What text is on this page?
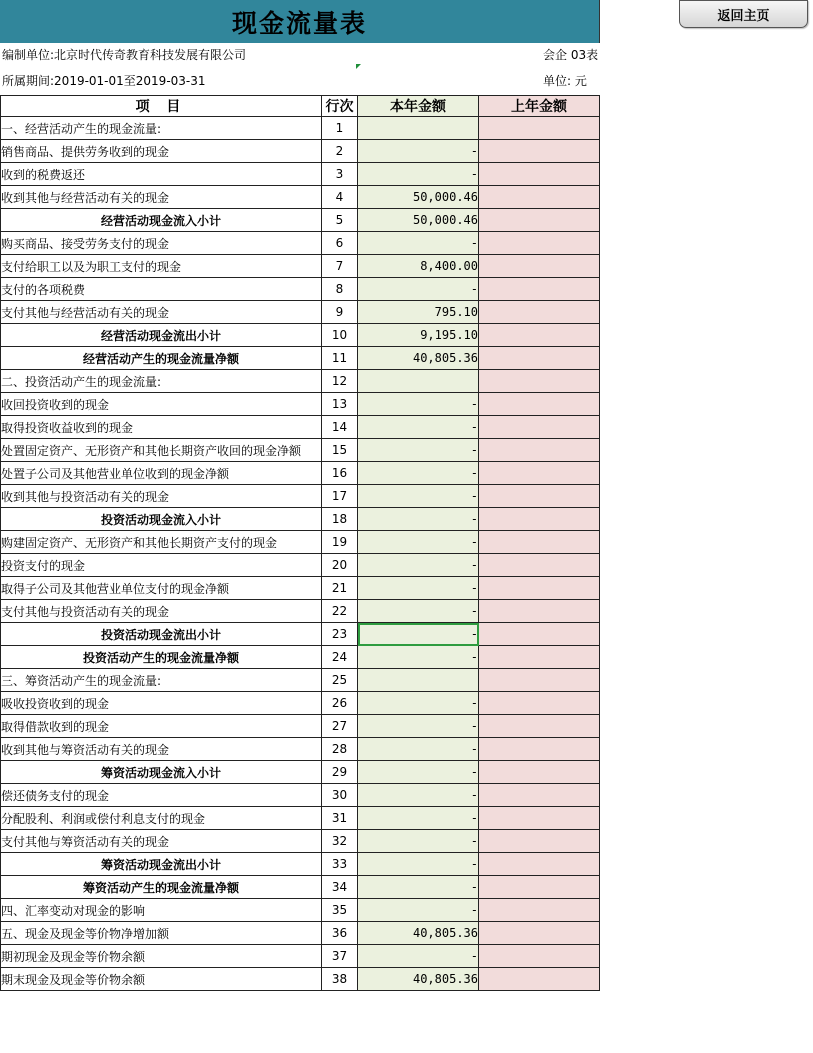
现金流量表
编制单位:北京时代传奇教育科技发展有限公司	会企 03表
所属期间:2019-01-01至2019-03-31	单位: 元
返回主页
项 目	行次	本年金额	上年金额
一、经营活动产生的现金流量:	1		
销售商品、提供劳务收到的现金	2	-	
收到的税费返还	3	-	
收到其他与经营活动有关的现金	4	50,000.46	
经营活动现金流入小计	5	50,000.46	
购买商品、接受劳务支付的现金	6	-	
支付给职工以及为职工支付的现金	7	8,400.00	
支付的各项税费	8	-	
支付其他与经营活动有关的现金	9	795.10	
经营活动现金流出小计	10	9,195.10	
经营活动产生的现金流量净额	11	40,805.36	
二、投资活动产生的现金流量:	12		
收回投资收到的现金	13	-	
取得投资收益收到的现金	14	-	
处置固定资产、无形资产和其他长期资产收回的现金净额	15	-	
处置子公司及其他营业单位收到的现金净额	16	-	
收到其他与投资活动有关的现金	17	-	
投资活动现金流入小计	18	-	
购建固定资产、无形资产和其他长期资产支付的现金	19	-	
投资支付的现金	20	-	
取得子公司及其他营业单位支付的现金净额	21	-	
支付其他与投资活动有关的现金	22	-	
投资活动现金流出小计	23	-	
投资活动产生的现金流量净额	24	-	
三、筹资活动产生的现金流量:	25		
吸收投资收到的现金	26	-	
取得借款收到的现金	27	-	
收到其他与筹资活动有关的现金	28	-	
筹资活动现金流入小计	29	-	
偿还债务支付的现金	30	-	
分配股利、利润或偿付利息支付的现金	31	-	
支付其他与筹资活动有关的现金	32	-	
筹资活动现金流出小计	33	-	
筹资活动产生的现金流量净额	34	-	
四、汇率变动对现金的影响	35	-	
五、现金及现金等价物净增加额	36	40,805.36	
期初现金及现金等价物余额	37	-	
期末现金及现金等价物余额	38	40,805.36	
